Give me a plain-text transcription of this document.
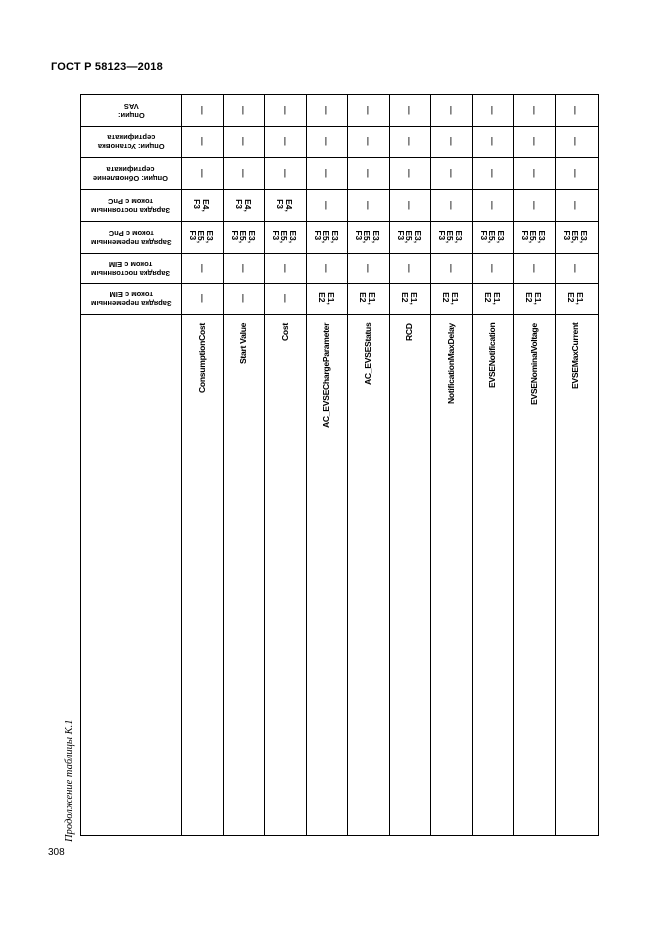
ГОСТ Р 58123—2018
Опции:
VAS
Опции: Установка
сертификата
Опции: Обновление
сертификата
Зарядка постоянным
током с PnC
Зарядка переменным
током с PnC
Зарядка постоянным
током с EIM
Зарядка переменным
током с EIM
—
—
—
E4,
F3
E3,
E5,
F3
—
—
ConsumptionCost
—
—
—
E4,
F3
E3,
E5,
F3
—
—
Start Value
—
—
—
E4,
F3
E3,
E5,
F3
—
—
Cost
—
—
—
—
E3,
E5,
F3
—
E1,
E2
AC_EVSEChargeParameter
—
—
—
—
E3,
E5,
F3
—
E1,
E2
AC_EVSEStatus
—
—
—
—
E3,
E5,
F3
—
E1,
E2
RCD
—
—
—
—
E3,
E5,
F3
—
E1,
E2
NotificationMaxDelay
—
—
—
—
E3,
E5,
F3
—
E1,
E2
EVSENotification
—
—
—
—
E3,
E5,
F3
—
E1,
E2
EVSENominalVoltage
—
—
—
—
E3,
E5,
F3
—
E1,
E2
EVSEMaxCurrent
Продолжение таблицы К.1
308
